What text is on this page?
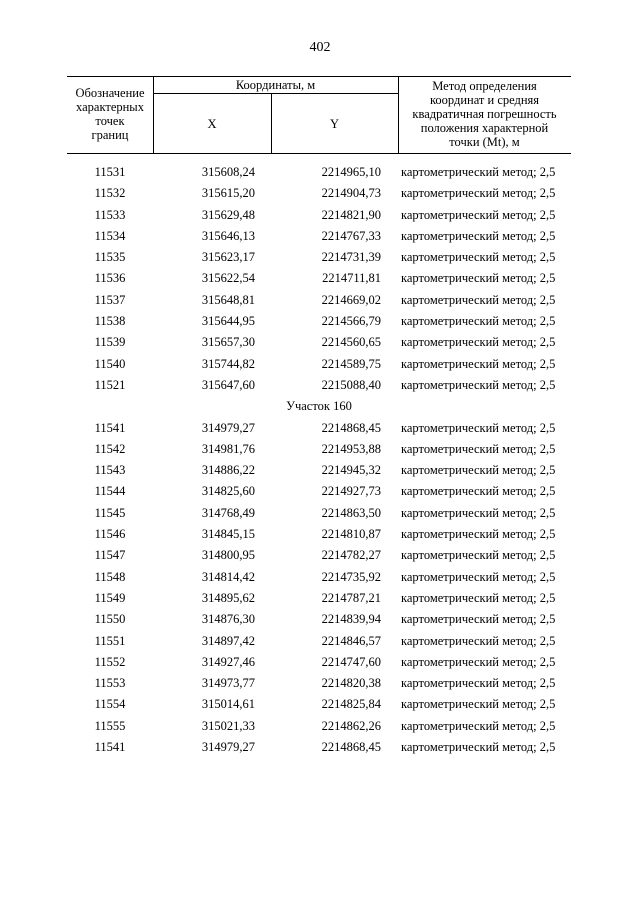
402
Обозначение
характерных
точек
границ
Координаты, м
X	Y
Метод определения
координат и средняя
квадратичная погрешность
положения характерной
точки (Mt), м
11531	315608,24	2214965,10 картометрический метод; 2,5
11532	315615,20	2214904,73 картометрический метод; 2,5
11533	315629,48	2214821,90 картометрический метод; 2,5
11534	315646,13	2214767,33 картометрический метод; 2,5
11535	315623,17	2214731,39 картометрический метод; 2,5
11536	315622,54	2214711,81 картометрический метод; 2,5
11537	315648,81	2214669,02 картометрический метод; 2,5
11538	315644,95	2214566,79 картометрический метод; 2,5
11539	315657,30	2214560,65 картометрический метод; 2,5
11540	315744,82	2214589,75 картометрический метод; 2,5
11521	315647,60	2215088,40 картометрический метод; 2,5
Участок 160
11541	314979,27	2214868,45 картометрический метод; 2,5
11542	314981,76	2214953,88 картометрический метод; 2,5
11543	314886,22	2214945,32 картометрический метод; 2,5
11544	314825,60	2214927,73 картометрический метод; 2,5
11545	314768,49	2214863,50 картометрический метод; 2,5
11546	314845,15	2214810,87 картометрический метод; 2,5
11547	314800,95	2214782,27 картометрический метод; 2,5
11548	314814,42	2214735,92 картометрический метод; 2,5
11549	314895,62	2214787,21 картометрический метод; 2,5
11550	314876,30	2214839,94 картометрический метод; 2,5
11551	314897,42	2214846,57 картометрический метод; 2,5
11552	314927,46	2214747,60 картометрический метод; 2,5
11553	314973,77	2214820,38 картометрический метод; 2,5
11554	315014,61	2214825,84 картометрический метод; 2,5
11555	315021,33	2214862,26 картометрический метод; 2,5
11541	314979,27	2214868,45 картометрический метод; 2,5
